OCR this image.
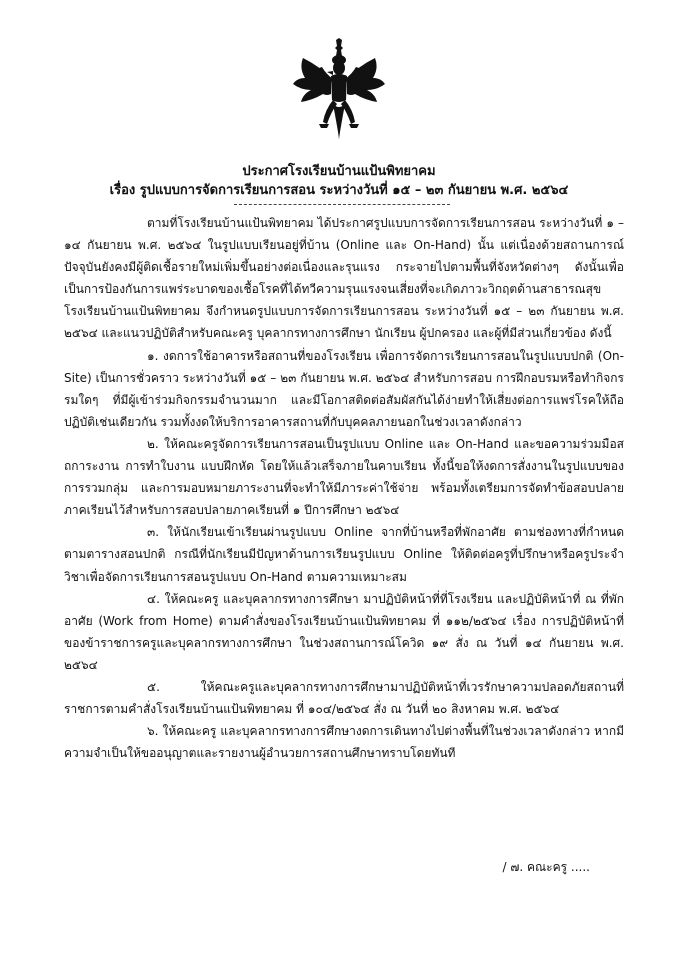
ประกาศโรงเรียนบ้านแป้นพิทยาคม
เรื่อง รูปแบบการจัดการเรียนการสอน ระหว่างวันที่ ๑๕ – ๒๓ กันยายน พ.ศ. ๒๕๖๔

ตามที่โรงเรียนบ้านแป้นพิทยาคม ได้ประกาศรูปแบบการจัดการเรียนการสอน ระหว่างวันที่ ๑ – ๑๔ กันยายน พ.ศ. ๒๕๖๔ ในรูปแบบเรียนอยู่ที่บ้าน (Online และ On-Hand) นั้น แต่เนื่องด้วยสถานการณ์ปัจจุบันยังคงมีผู้ติดเชื้อรายใหม่เพิ่มขึ้นอย่างต่อเนื่องและรุนแรง กระจายไปตามพื้นที่จังหวัดต่างๆ ดังนั้นเพื่อเป็นการป้องกันการแพร่ระบาดของเชื้อโรคที่ได้ทวีความรุนแรงจนเสี่ยงที่จะเกิดภาวะวิกฤตด้านสาธารณสุข โรงเรียนบ้านแป้นพิทยาคม จึงกำหนดรูปแบบการจัดการเรียนการสอน ระหว่างวันที่ ๑๕ – ๒๓ กันยายน พ.ศ. ๒๕๖๔ และแนวปฏิบัติสำหรับคณะครู บุคลากรทางการศึกษา นักเรียน ผู้ปกครอง และผู้ที่มีส่วนเกี่ยวข้อง ดังนี้

๑. งดการใช้อาคารหรือสถานที่ของโรงเรียน เพื่อการจัดการเรียนการสอนในรูปแบบปกติ (On-Site) เป็นการชั่วคราว ระหว่างวันที่ ๑๕ – ๒๓ กันยายน พ.ศ. ๒๕๖๔ สำหรับการสอบ การฝึกอบรมหรือทำกิจกรรมใดๆ ที่มีผู้เข้าร่วมกิจกรรมจำนวนมาก และมีโอกาสติดต่อสัมผัสกันได้ง่ายทำให้เสี่ยงต่อการแพร่โรคให้ถือปฏิบัติเช่นเดียวกัน รวมทั้งงดให้บริการอาคารสถานที่กับบุคคลภายนอกในช่วงเวลาดังกล่าว

๒. ให้คณะครูจัดการเรียนการสอนเป็นรูปแบบ Online และ On-Hand และขอความร่วมมือสถการะงาน การทำใบงาน แบบฝึกหัด โดยให้แล้วเสร็จภายในคาบเรียน ทั้งนี้ขอให้งดการสั่งงานในรูปแบบของการรวมกลุ่ม และการมอบหมายภาระงานที่จะทำให้มีภาระค่าใช้จ่าย พร้อมทั้งเตรียมการจัดทำข้อสอบปลายภาคเรียนไว้สำหรับการสอบปลายภาคเรียนที่ ๑ ปีการศึกษา ๒๕๖๔

๓. ให้นักเรียนเข้าเรียนผ่านรูปแบบ Online จากที่บ้านหรือที่พักอาศัย ตามช่องทางที่กำหนดตามตารางสอนปกติ กรณีที่นักเรียนมีปัญหาด้านการเรียนรูปแบบ Online ให้ติดต่อครูที่ปรึกษาหรือครูประจำวิชาเพื่อจัดการเรียนการสอนรูปแบบ On-Hand ตามความเหมาะสม

๔. ให้คณะครู และบุคลากรทางการศึกษา มาปฏิบัติหน้าที่ที่โรงเรียน และปฏิบัติหน้าที่ ณ ที่พักอาศัย (Work from Home) ตามคำสั่งของโรงเรียนบ้านแป้นพิทยาคม ที่ ๑๑๒/๒๕๖๔ เรื่อง การปฏิบัติหน้าที่ของข้าราชการครูและบุคลากรทางการศึกษา ในช่วงสถานการณ์โควิด ๑๙ สั่ง ณ วันที่ ๑๔ กันยายน พ.ศ. ๒๕๖๔

๕. ให้คณะครูและบุคลากรทางการศึกษามาปฏิบัติหน้าที่เวรรักษาความปลอดภัยสถานที่ราชการตามคำสั่งโรงเรียนบ้านแป้นพิทยาคม ที่ ๑๐๔/๒๕๖๔ สั่ง ณ วันที่ ๒๐ สิงหาคม พ.ศ. ๒๕๖๔

๖. ให้คณะครู และบุคลากรทางการศึกษางดการเดินทางไปต่างพื้นที่ในช่วงเวลาดังกล่าว หากมีความจำเป็นให้ขออนุญาตและรายงานผู้อำนวยการสถานศึกษาทราบโดยทันที

/ ๗. คณะครู .....
